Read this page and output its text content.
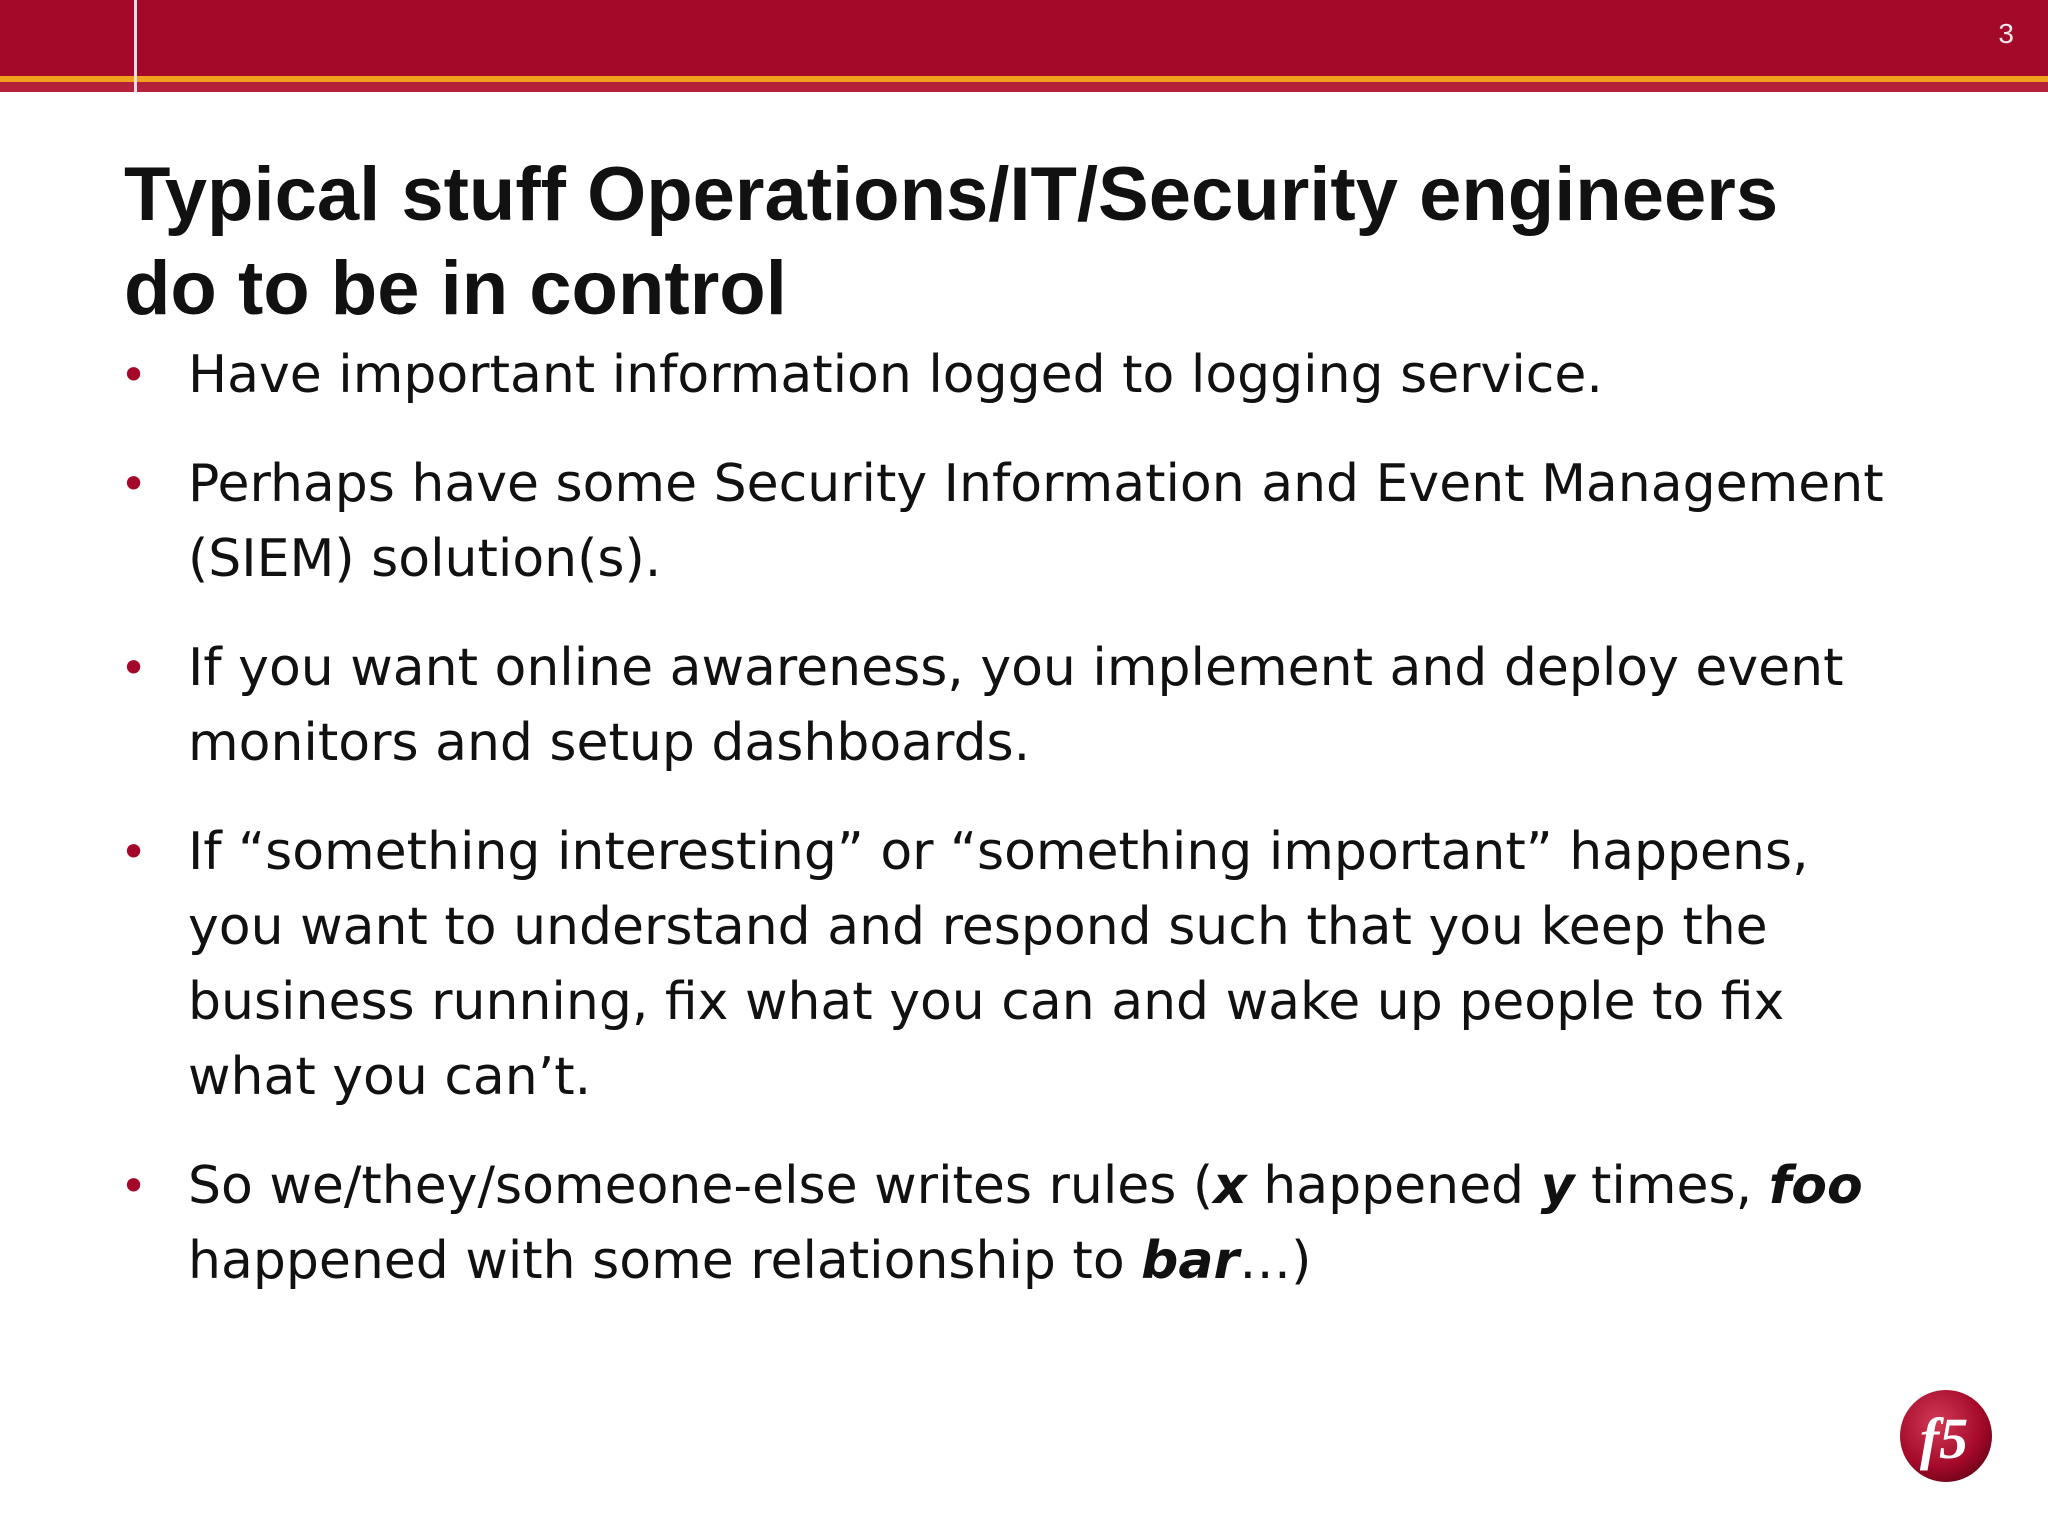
3
Typical stuff Operations/IT/Security engineers
do to be in control
• Have important information logged to logging service.
• Perhaps have some Security Information and Event Management (SIEM) solution(s).
• If you want online awareness, you implement and deploy event monitors and setup dashboards.
• If “something interesting” or “something important” happens, you want to understand and respond such that you keep the business running, fix what you can and wake up people to fix what you can’t.
• So we/they/someone-else writes rules (x happened y times, foo happened with some relationship to bar…)
f5
